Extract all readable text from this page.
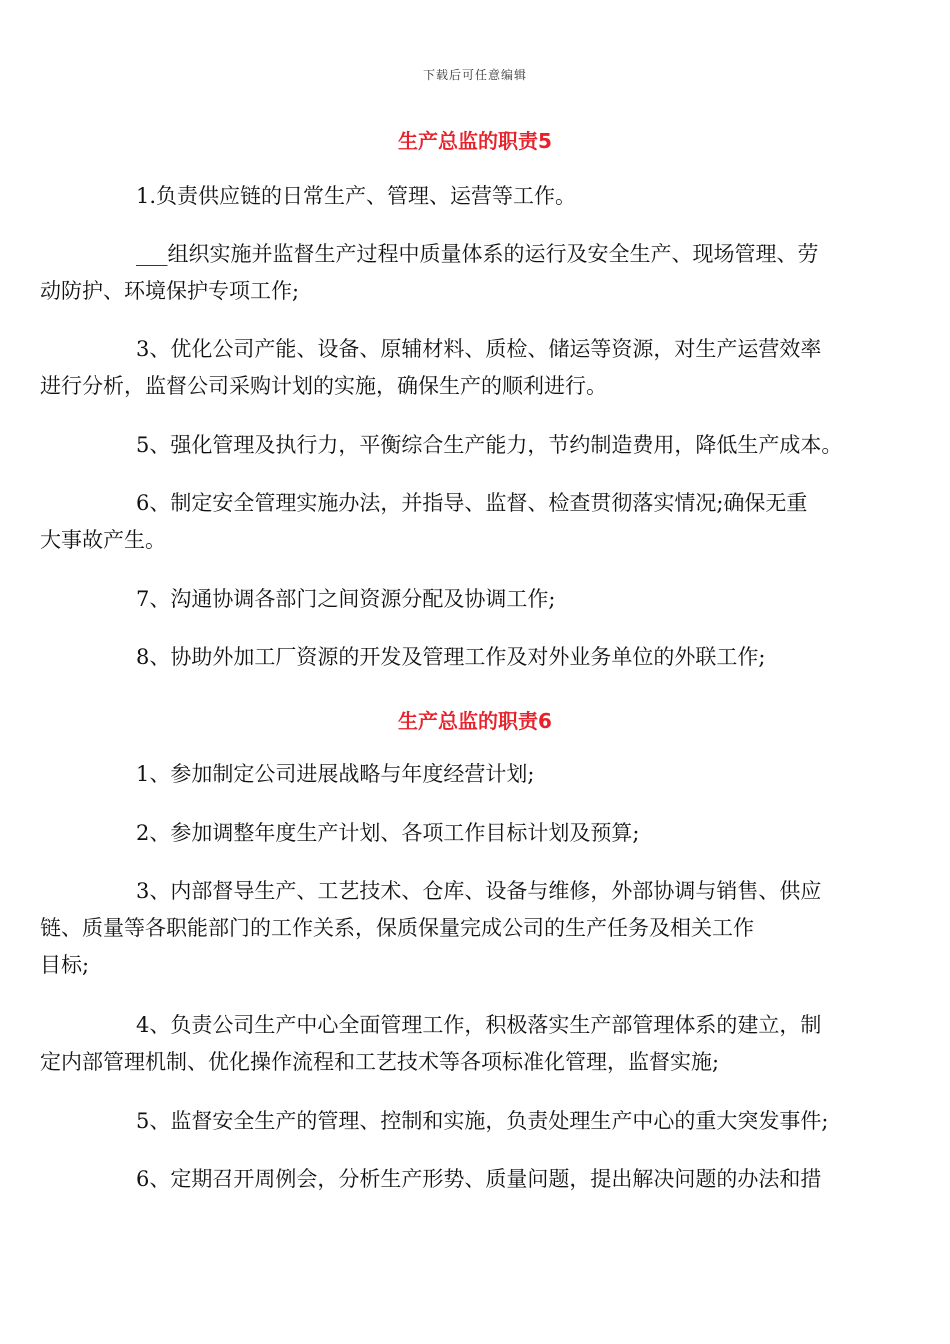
下载后可任意编辑
生产总监的职责5
1.负责供应链的日常生产、管理、运营等工作。
___组织实施并监督生产过程中质量体系的运行及安全生产、现场管理、劳
动防护、环境保护专项工作;
3、优化公司产能、设备、原辅材料、质检、储运等资源，对生产运营效率
进行分析，监督公司采购计划的实施，确保生产的顺利进行。
5、强化管理及执行力，平衡综合生产能力，节约制造费用，降低生产成本。
6、制定安全管理实施办法，并指导、监督、检查贯彻落实情况;确保无重
大事故产生。
7、沟通协调各部门之间资源分配及协调工作;
8、协助外加工厂资源的开发及管理工作及对外业务单位的外联工作;
生产总监的职责6
1、参加制定公司进展战略与年度经营计划;
2、参加调整年度生产计划、各项工作目标计划及预算;
3、内部督导生产、工艺技术、仓库、设备与维修，外部协调与销售、供应
链、质量等各职能部门的工作关系，保质保量完成公司的生产任务及相关工作
目标;
4、负责公司生产中心全面管理工作，积极落实生产部管理体系的建立，制
定内部管理机制、优化操作流程和工艺技术等各项标准化管理，监督实施;
5、监督安全生产的管理、控制和实施，负责处理生产中心的重大突发事件;
6、定期召开周例会，分析生产形势、质量问题，提出解决问题的办法和措
